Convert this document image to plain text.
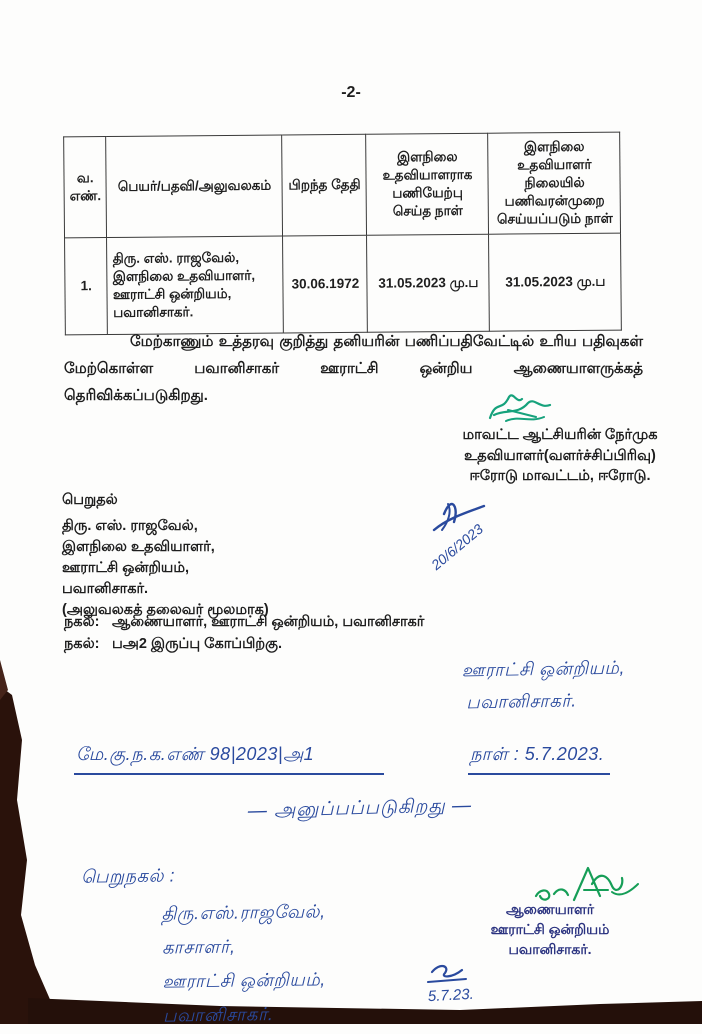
-2-
வ. எண்.	பெயர்/பதவி/அலுவலகம்	பிறந்த தேதி	இளநிலை உதவியாளராக பணியேற்பு செய்த நாள்	இளநிலை உதவியாளர் நிலையில் பணிவரன்முறை செய்யப்படும் நாள்
1.	திரு. எஸ். ராஜவேல்,
இளநிலை உதவியாளர்,
ஊராட்சி ஒன்றியம்,
பவானிசாகர்.	30.06.1972	31.05.2023 மு.ப	31.05.2023 மு.ப
மேற்காணும் உத்தரவு குறித்து தனியரின் பணிப்பதிவேட்டில் உரிய பதிவுகள் மேற்கொள்ள பவானிசாகர் ஊராட்சி ஒன்றிய ஆணையாளருக்கத் தெரிவிக்கப்படுகிறது.
மாவட்ட ஆட்சியரின் நேர்முக
உதவியாளர்(வளர்ச்சிப்பிரிவு)
ஈரோடு மாவட்டம், ஈரோடு.
20/6/2023
பெறுதல்
திரு. எஸ். ராஜவேல்,
இளநிலை உதவியாளர்,
ஊராட்சி ஒன்றியம்,
பவானிசாகர்.
(அலுவலகத் தலைவர் மூலமாக)
நகல்: ஆணையாளர், ஊராட்சி ஒன்றியம், பவானிசாகர்
நகல்: பஅ2 இருப்பு கோப்பிற்கு.
ஊராட்சி ஒன்றியம்,
பவானிசாகர்.
மே.கு.ந.க.எண் 98|2023|அ1	நாள் : 5.7.2023.
— அனுப்பப்படுகிறது —
பெறுநகல் :
திரு.எஸ்.ராஜவேல்,
காசாளர்,
ஊராட்சி ஒன்றியம்,
பவானிசாகர்.
ஆணையாளர்
ஊராட்சி ஒன்றியம்
பவானிசாகர்.
5.7.23.
